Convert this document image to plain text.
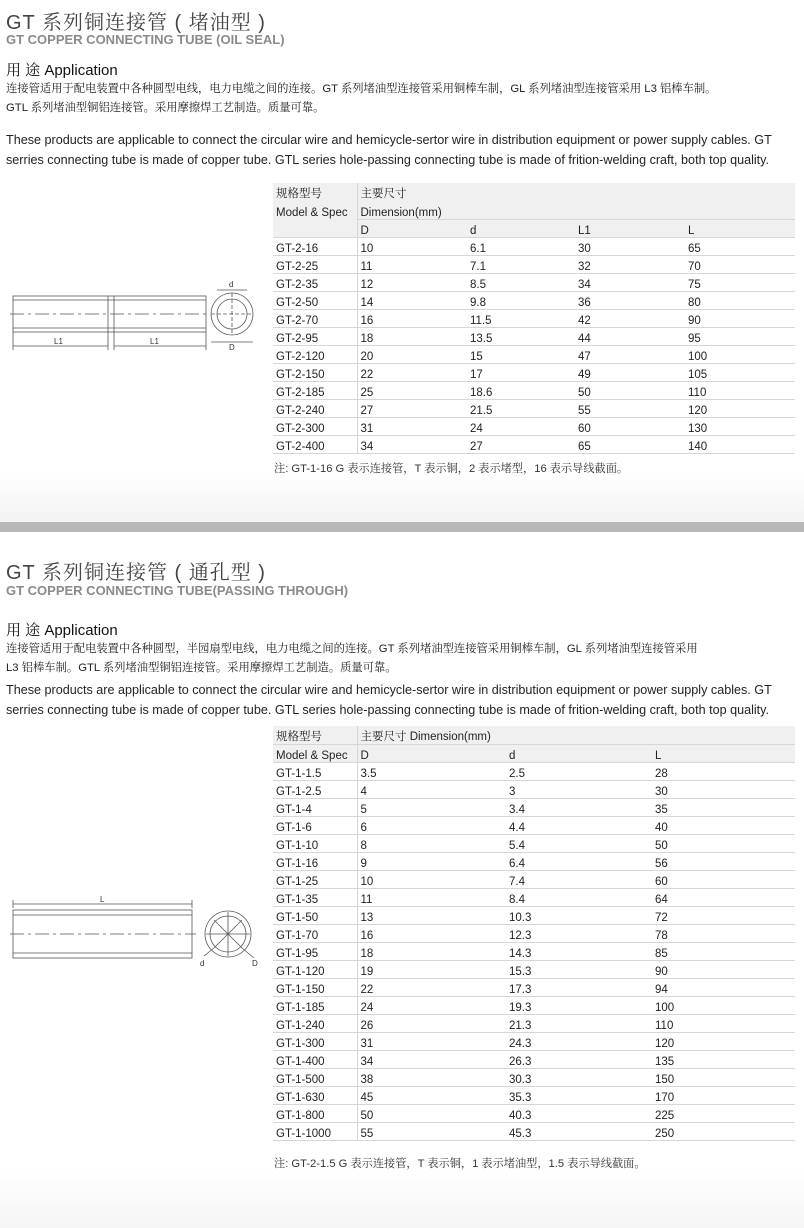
GT 系列铜连接管 ( 堵油型 )
GT COPPER CONNECTING TUBE (OIL SEAL)
用 途 Application
连接管适用于配电装置中各种圆型电线，电力电缆之间的连接。GT 系列堵油型连接管采用铜棒车制，GL 系列堵油型连接管采用 L3 铝棒车制。
GTL 系列堵油型铜铝连接管。采用摩擦焊工艺制造。质量可靠。
These products are applicable to connect the circular wire and hemicycle-sertor wire in distribution equipment or power supply cables. GT
serries connecting tube is made of copper tube. GTL series hole-passing connecting tube is made of frition-welding craft, both top quality.
L1	L1
d
D
规格型号	主要尺寸			
Model & Spec	Dimension(mm)			
	D	d	L1	L
GT-2-16	10	6.1	30	65
GT-2-25	11	7.1	32	70
GT-2-35	12	8.5	34	75
GT-2-50	14	9.8	36	80
GT-2-70	16	11.5	42	90
GT-2-95	18	13.5	44	95
GT-2-120	20	15	47	100
GT-2-150	22	17	49	105
GT-2-185	25	18.6	50	110
GT-2-240	27	21.5	55	120
GT-2-300	31	24	60	130
GT-2-400	34	27	65	140
注: GT-1-16 G 表示连接管，T 表示铜，2 表示堵型，16 表示导线截面。
GT 系列铜连接管 ( 通孔型 )
GT COPPER CONNECTING TUBE(PASSING THROUGH)
用 途 Application
连接管适用于配电装置中各种圆型，半园扇型电线，电力电缆之间的连接。GT 系列堵油型连接管采用铜棒车制，GL 系列堵油型连接管采用
L3 铝棒车制。GTL 系列堵油型铜铝连接管。采用摩擦焊工艺制造。质量可靠。
These products are applicable to connect the circular wire and hemicycle-sertor wire in distribution equipment or power supply cables. GT
serries connecting tube is made of copper tube. GTL series hole-passing connecting tube is made of frition-welding craft, both top quality.
L
d	D
规格型号	主要尺寸 Dimension(mm)		
Model & Spec	D	d	L
GT-1-1.5	3.5	2.5	28
GT-1-2.5	4	3	30
GT-1-4	5	3.4	35
GT-1-6	6	4.4	40
GT-1-10	8	5.4	50
GT-1-16	9	6.4	56
GT-1-25	10	7.4	60
GT-1-35	11	8.4	64
GT-1-50	13	10.3	72
GT-1-70	16	12.3	78
GT-1-95	18	14.3	85
GT-1-120	19	15.3	90
GT-1-150	22	17.3	94
GT-1-185	24	19.3	100
GT-1-240	26	21.3	110
GT-1-300	31	24.3	120
GT-1-400	34	26.3	135
GT-1-500	38	30.3	150
GT-1-630	45	35.3	170
GT-1-800	50	40.3	225
GT-1-1000	55	45.3	250
注: GT-2-1.5 G 表示连接管，T 表示铜，1 表示堵油型，1.5 表示导线截面。
